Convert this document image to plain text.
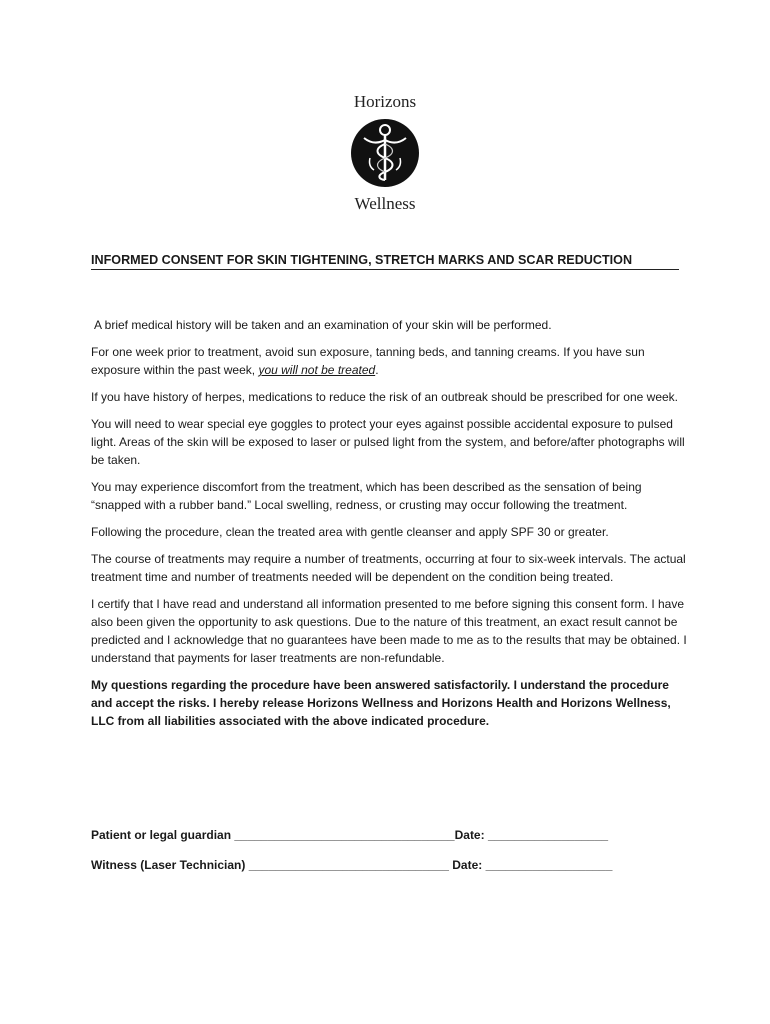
Horizons
Wellness
INFORMED CONSENT FOR SKIN TIGHTENING, STRETCH MARKS AND SCAR REDUCTION

A brief medical history will be taken and an examination of your skin will be performed.

For one week prior to treatment, avoid sun exposure, tanning beds, and tanning creams. If you have sun exposure within the past week, you will not be treated.

If you have history of herpes, medications to reduce the risk of an outbreak should be prescribed for one week.

You will need to wear special eye goggles to protect your eyes against possible accidental exposure to pulsed light. Areas of the skin will be exposed to laser or pulsed light from the system, and before/after photographs will be taken.

You may experience discomfort from the treatment, which has been described as the sensation of being “snapped with a rubber band.” Local swelling, redness, or crusting may occur following the treatment.

Following the procedure, clean the treated area with gentle cleanser and apply SPF 30 or greater.

The course of treatments may require a number of treatments, occurring at four to six-week intervals. The actual treatment time and number of treatments needed will be dependent on the condition being treated.

I certify that I have read and understand all information presented to me before signing this consent form. I have also been given the opportunity to ask questions. Due to the nature of this treatment, an exact result cannot be predicted and I acknowledge that no guarantees have been made to me as to the results that may be obtained. I understand that payments for laser treatments are non-refundable.

My questions regarding the procedure have been answered satisfactorily. I understand the procedure and accept the risks. I hereby release Horizons Wellness and Horizons Health and Horizons Wellness, LLC from all liabilities associated with the above indicated procedure.

Patient or legal guardian _________________________________Date: __________________
Witness (Laser Technician) ______________________________ Date: ___________________
